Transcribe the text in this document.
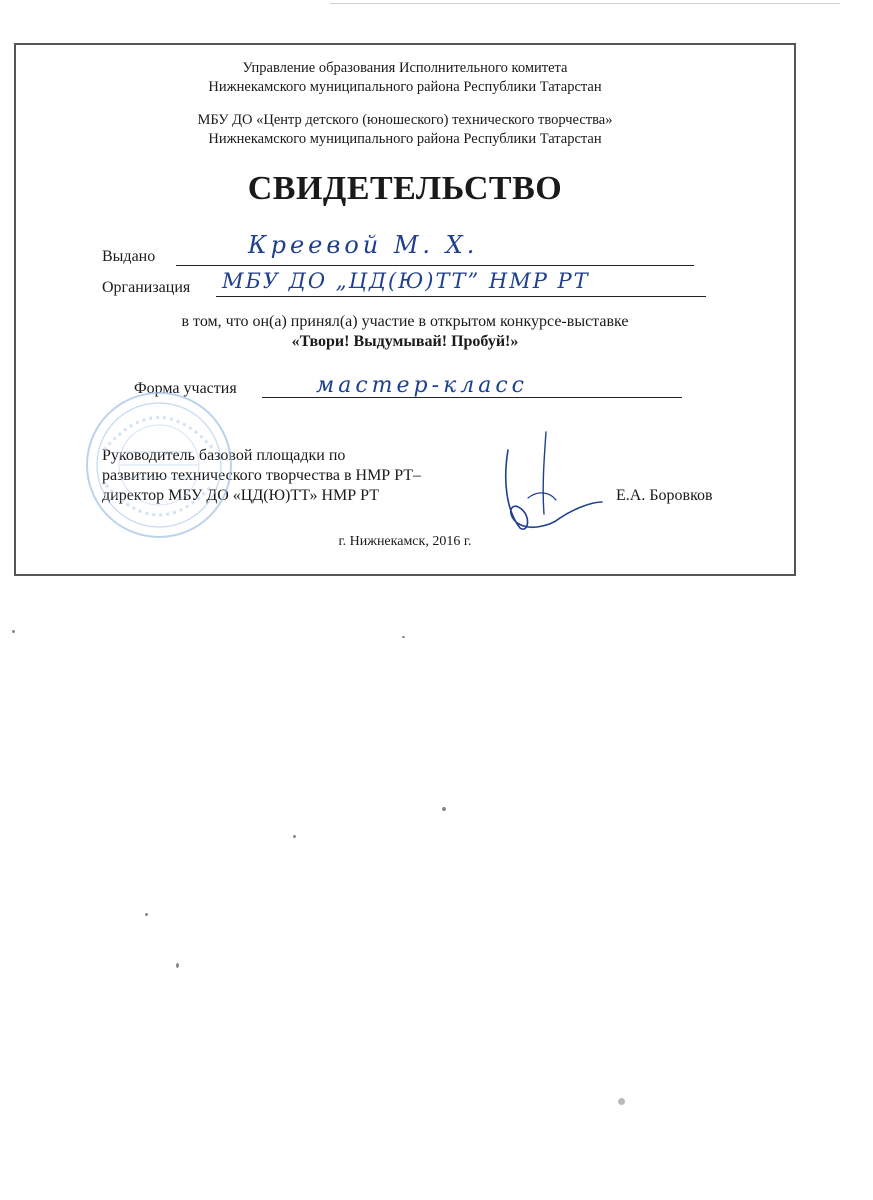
Управление образования Исполнительного комитета
Нижнекамского муниципального района Республики Татарстан
МБУ ДО «Центр детского (юношеского) технического творчества»
Нижнекамского муниципального района Республики Татарстан
СВИДЕТЕЛЬСТВО
Выдано	Креевой М. Х.
Организация МБУ ДО „ЦД(Ю)ТТ” НМР РТ
в том, что он(а) принял(а) участие в открытом конкурсе-выставке
«Твори! Выдумывай! Пробуй!»
Форма участия	мастер-класс
Руководитель базовой площадки по
развитию технического творчества в НМР РТ–
директор МБУ ДО «ЦД(Ю)ТТ» НМР РТ	Е.А. Боровков
г. Нижнекамск, 2016 г.
